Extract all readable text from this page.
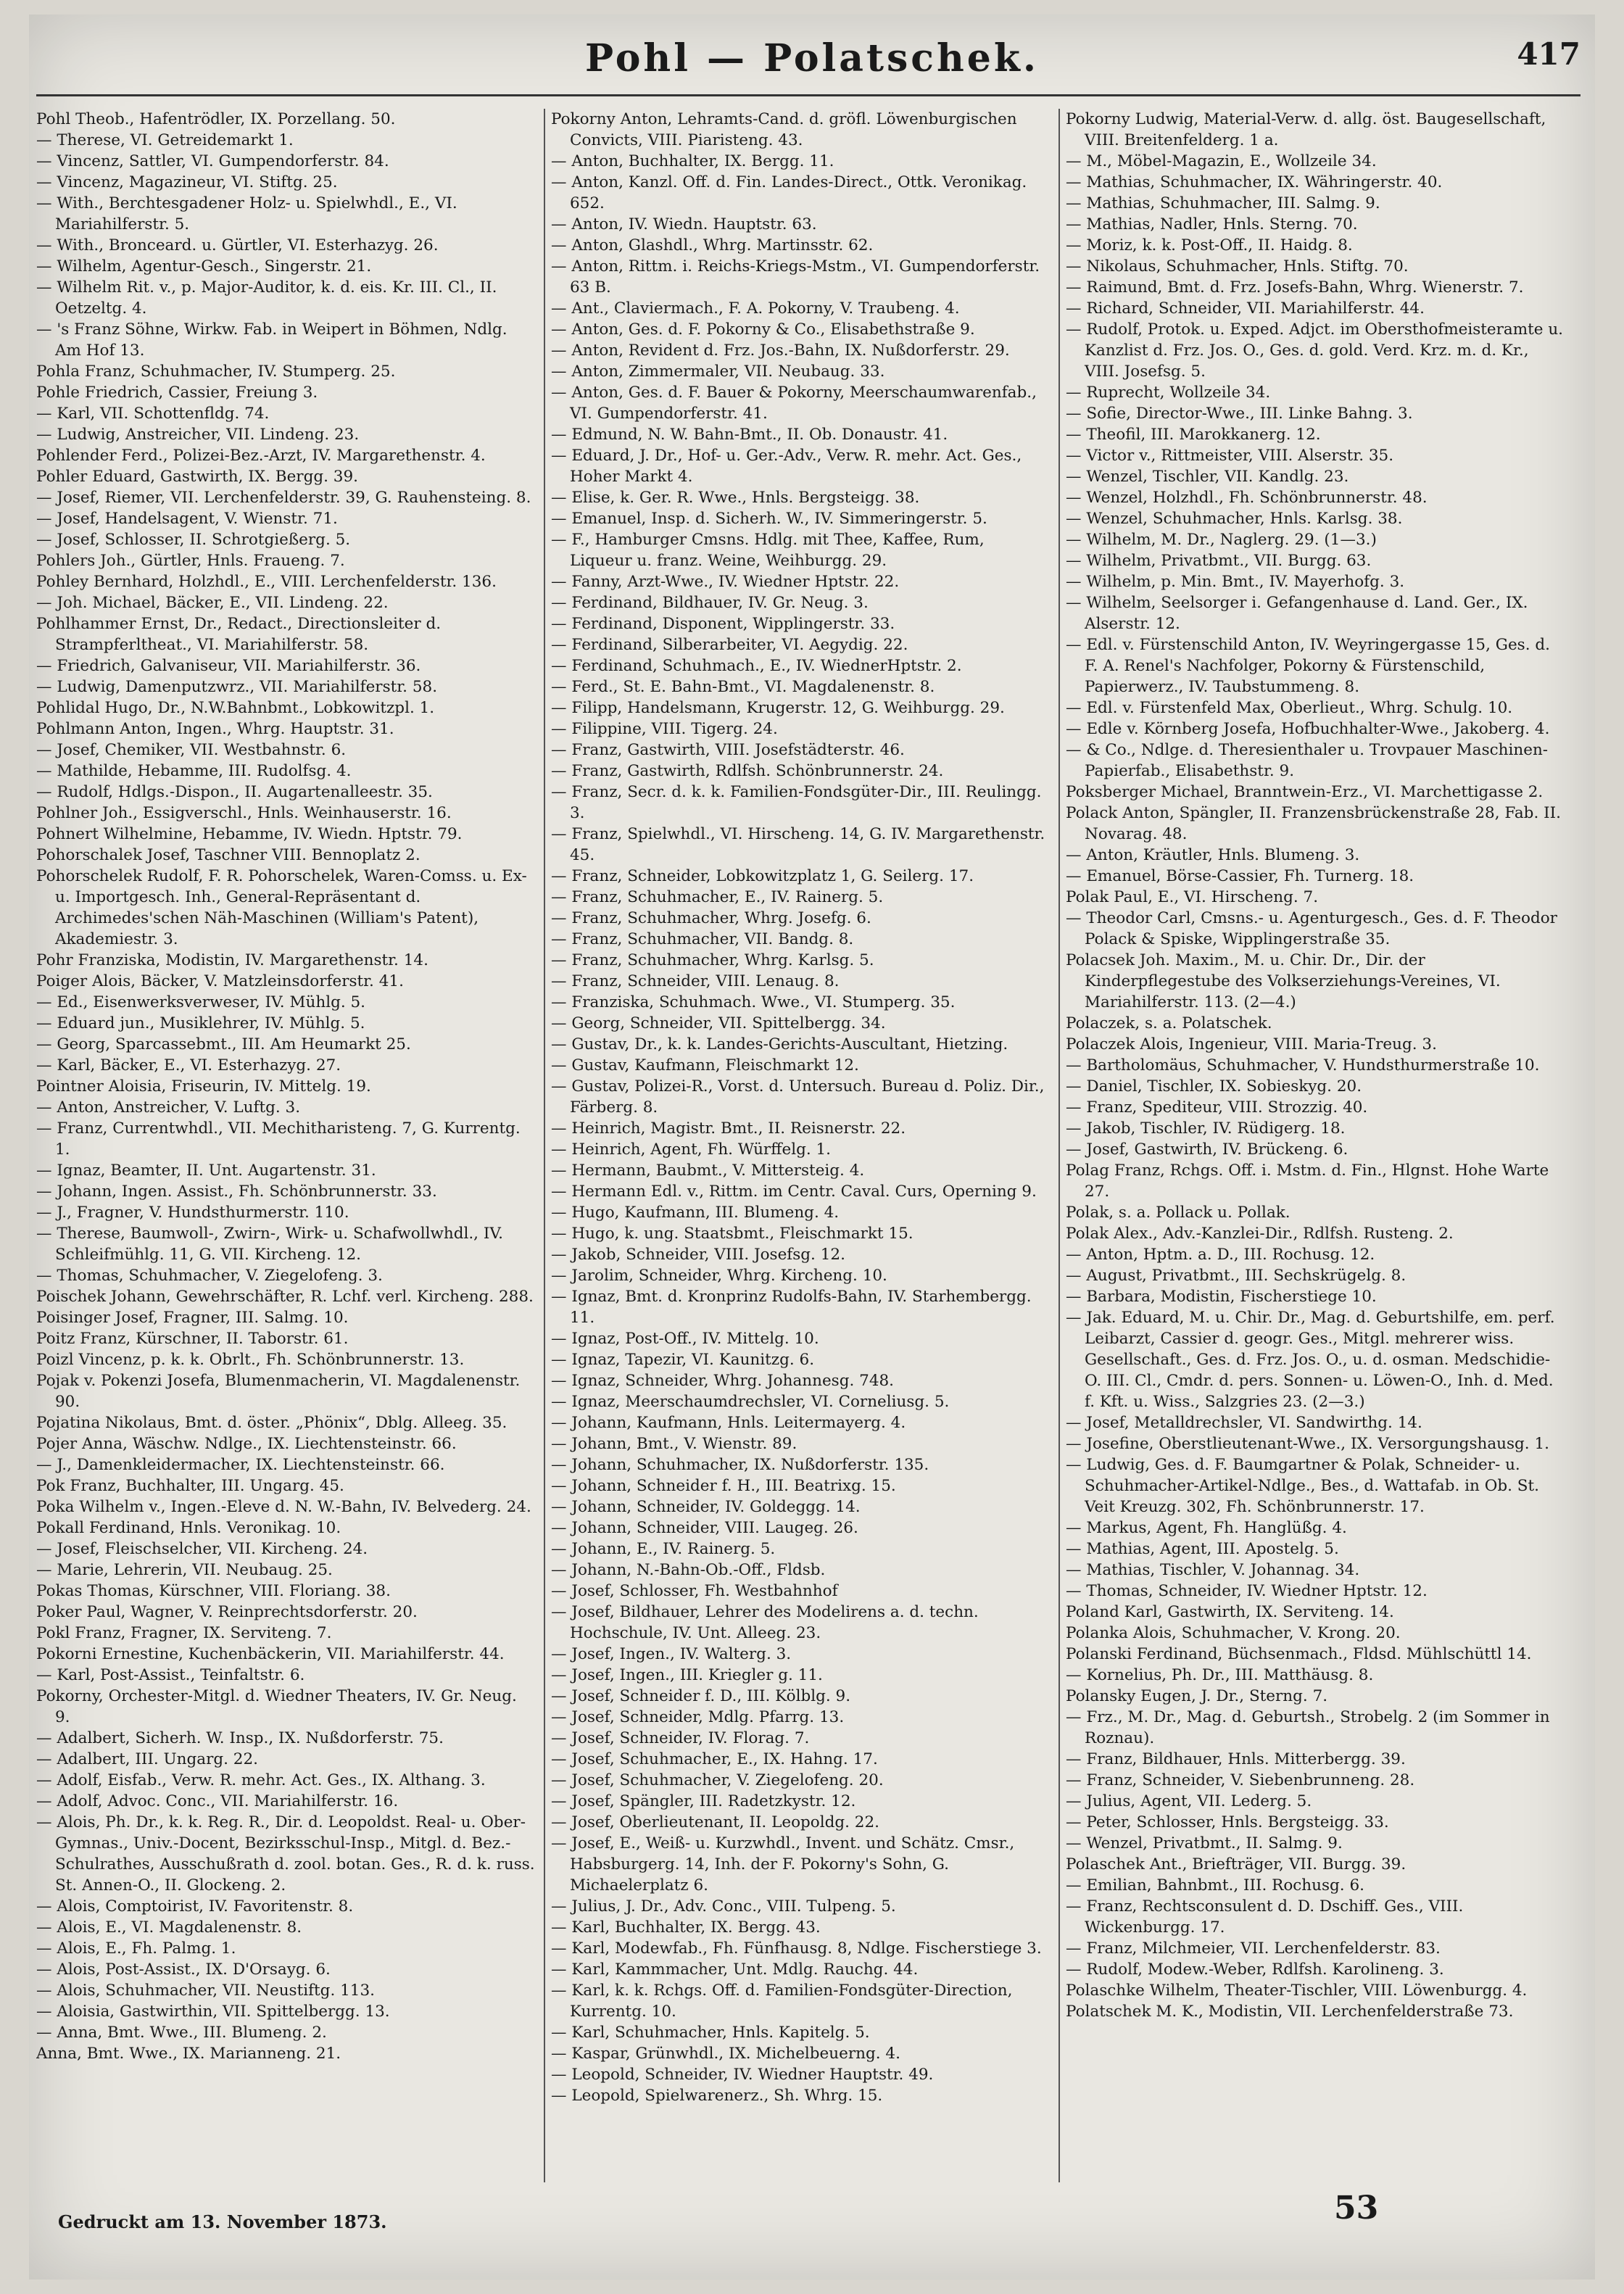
Pohl — Polatschek.	417

Pohl Theob., Hafentrödler, IX. Porzellang. 50.

— Therese, VI. Getreidemarkt 1.

— Vincenz, Sattler, VI. Gumpendorferstr. 84.

— Vincenz, Magazineur, VI. Stiftg. 25.

— With., Berchtesgadener Holz- u. Spielwhdl., E., VI. Mariahilferstr. 5.

— With., Bronceard. u. Gürtler, VI. Esterhazyg. 26.

— Wilhelm, Agentur-Gesch., Singerstr. 21.

— Wilhelm Rit. v., p. Major-Auditor, k. d. eis. Kr. III. Cl., II. Oetzeltg. 4.

— 's Franz Söhne, Wirkw. Fab. in Weipert in Böhmen, Ndlg. Am Hof 13.

Pohla Franz, Schuhmacher, IV. Stumperg. 25.

Pohle Friedrich, Cassier, Freiung 3.

— Karl, VII. Schottenfldg. 74.

— Ludwig, Anstreicher, VII. Lindeng. 23.

Pohlender Ferd., Polizei-Bez.-Arzt, IV. Margarethenstr. 4.

Pohler Eduard, Gastwirth, IX. Bergg. 39.

— Josef, Riemer, VII. Lerchenfelderstr. 39, G. Rauhensteing. 8.

— Josef, Handelsagent, V. Wienstr. 71.

— Josef, Schlosser, II. Schrotgießerg. 5.

Pohlers Joh., Gürtler, Hnls. Fraueng. 7.

Pohley Bernhard, Holzhdl., E., VIII. Lerchenfelderstr. 136.

— Joh. Michael, Bäcker, E., VII. Lindeng. 22.

Pohlhammer Ernst, Dr., Redact., Directionsleiter d. Strampferltheat., VI. Mariahilferstr. 58.

— Friedrich, Galvaniseur, VII. Mariahilferstr. 36.

— Ludwig, Damenputzwrz., VII. Mariahilferstr. 58.

Pohlidal Hugo, Dr., N.W.Bahnbmt., Lobkowitzpl. 1.

Pohlmann Anton, Ingen., Whrg. Hauptstr. 31.

— Josef, Chemiker, VII. Westbahnstr. 6.

— Mathilde, Hebamme, III. Rudolfsg. 4.

— Rudolf, Hdlgs.-Dispon., II. Augartenalleestr. 35.

Pohlner Joh., Essigverschl., Hnls. Weinhauserstr. 16.

Pohnert Wilhelmine, Hebamme, IV. Wiedn. Hptstr. 79.

Pohorschalek Josef, Taschner VIII. Bennoplatz 2.

Pohorschelek Rudolf, F. R. Pohorschelek, Waren-Comss. u. Ex- u. Importgesch. Inh., General-Repräsentant d. Archimedes'schen Näh-Maschinen (William's Patent), Akademiestr. 3.

Pohr Franziska, Modistin, IV. Margarethenstr. 14.

Poiger Alois, Bäcker, V. Matzleinsdorferstr. 41.

— Ed., Eisenwerksverweser, IV. Mühlg. 5.

— Eduard jun., Musiklehrer, IV. Mühlg. 5.

— Georg, Sparcassebmt., III. Am Heumarkt 25.

— Karl, Bäcker, E., VI. Esterhazyg. 27.

Pointner Aloisia, Friseurin, IV. Mittelg. 19.

— Anton, Anstreicher, V. Luftg. 3.

— Franz, Currentwhdl., VII. Mechitharisteng. 7, G. Kurrentg. 1.

— Ignaz, Beamter, II. Unt. Augartenstr. 31.

— Johann, Ingen. Assist., Fh. Schönbrunnerstr. 33.

— J., Fragner, V. Hundsthurmerstr. 110.

— Therese, Baumwoll-, Zwirn-, Wirk- u. Schafwollwhdl., IV. Schleifmühlg. 11, G. VII. Kircheng. 12.

— Thomas, Schuhmacher, V. Ziegelofeng. 3.

Poischek Johann, Gewehrschäfter, R. Lchf. verl. Kircheng. 288.

Poisinger Josef, Fragner, III. Salmg. 10.

Poitz Franz, Kürschner, II. Taborstr. 61.

Poizl Vincenz, p. k. k. Obrlt., Fh. Schönbrunnerstr. 13.

Pojak v. Pokenzi Josefa, Blumenmacherin, VI. Magdalenenstr. 90.

Pojatina Nikolaus, Bmt. d. öster. „Phönix“, Dblg. Alleeg. 35.

Pojer Anna, Wäschw. Ndlge., IX. Liechtensteinstr. 66.

— J., Damenkleidermacher, IX. Liechtensteinstr. 66.

Pok Franz, Buchhalter, III. Ungarg. 45.

Poka Wilhelm v., Ingen.-Eleve d. N. W.-Bahn, IV. Belvederg. 24.

Pokall Ferdinand, Hnls. Veronikag. 10.

— Josef, Fleischselcher, VII. Kircheng. 24.

— Marie, Lehrerin, VII. Neubaug. 25.

Pokas Thomas, Kürschner, VIII. Floriang. 38.

Poker Paul, Wagner, V. Reinprechtsdorferstr. 20.

Pokl Franz, Fragner, IX. Serviteng. 7.

Pokorni Ernestine, Kuchenbäckerin, VII. Mariahilferstr. 44.

— Karl, Post-Assist., Teinfaltstr. 6.

Pokorny, Orchester-Mitgl. d. Wiedner Theaters, IV. Gr. Neug. 9.

— Adalbert, Sicherh. W. Insp., IX. Nußdorferstr. 75.

— Adalbert, III. Ungarg. 22.

— Adolf, Eisfab., Verw. R. mehr. Act. Ges., IX. Althang. 3.

— Adolf, Advoc. Conc., VII. Mariahilferstr. 16.

— Alois, Ph. Dr., k. k. Reg. R., Dir. d. Leopoldst. Real- u. Ober-Gymnas., Univ.-Docent, Bezirksschul-Insp., Mitgl. d. Bez.-Schulrathes, Ausschußrath d. zool. botan. Ges., R. d. k. russ. St. Annen-O., II. Glockeng. 2.

— Alois, Comptoirist, IV. Favoritenstr. 8.

— Alois, E., VI. Magdalenenstr. 8.

— Alois, E., Fh. Palmg. 1.

— Alois, Post-Assist., IX. D'Orsayg. 6.

— Alois, Schuhmacher, VII. Neustiftg. 113.

— Aloisia, Gastwirthin, VII. Spittelbergg. 13.

— Anna, Bmt. Wwe., III. Blumeng. 2.

Anna, Bmt. Wwe., IX. Marianneng. 21.

Pokorny Anton, Lehramts-Cand. d. gröfl. Löwenburgischen Convicts, VIII. Piaristeng. 43.

— Anton, Buchhalter, IX. Bergg. 11.

— Anton, Kanzl. Off. d. Fin. Landes-Direct., Ottk. Veronikag. 652.

— Anton, IV. Wiedn. Hauptstr. 63.

— Anton, Glashdl., Whrg. Martinsstr. 62.

— Anton, Rittm. i. Reichs-Kriegs-Mstm., VI. Gumpendorferstr. 63 B.

— Ant., Claviermach., F. A. Pokorny, V. Traubeng. 4.

— Anton, Ges. d. F. Pokorny & Co., Elisabethstraße 9.

— Anton, Revident d. Frz. Jos.-Bahn, IX. Nußdorferstr. 29.

— Anton, Zimmermaler, VII. Neubaug. 33.

— Anton, Ges. d. F. Bauer & Pokorny, Meerschaumwarenfab., VI. Gumpendorferstr. 41.

— Edmund, N. W. Bahn-Bmt., II. Ob. Donaustr. 41.

— Eduard, J. Dr., Hof- u. Ger.-Adv., Verw. R. mehr. Act. Ges., Hoher Markt 4.

— Elise, k. Ger. R. Wwe., Hnls. Bergsteigg. 38.

— Emanuel, Insp. d. Sicherh. W., IV. Simmeringerstr. 5.

— F., Hamburger Cmsns. Hdlg. mit Thee, Kaffee, Rum, Liqueur u. franz. Weine, Weihburgg. 29.

— Fanny, Arzt-Wwe., IV. Wiedner Hptstr. 22.

— Ferdinand, Bildhauer, IV. Gr. Neug. 3.

— Ferdinand, Disponent, Wipplingerstr. 33.

— Ferdinand, Silberarbeiter, VI. Aegydig. 22.

— Ferdinand, Schuhmach., E., IV. WiednerHptstr. 2.

— Ferd., St. E. Bahn-Bmt., VI. Magdalenenstr. 8.

— Filipp, Handelsmann, Krugerstr. 12, G. Weihburgg. 29.

— Filippine, VIII. Tigerg. 24.

— Franz, Gastwirth, VIII. Josefstädterstr. 46.

— Franz, Gastwirth, Rdlfsh. Schönbrunnerstr. 24.

— Franz, Secr. d. k. k. Familien-Fondsgüter-Dir., III. Reulingg. 3.

— Franz, Spielwhdl., VI. Hirscheng. 14, G. IV. Margarethenstr. 45.

— Franz, Schneider, Lobkowitzplatz 1, G. Seilerg. 17.

— Franz, Schuhmacher, E., IV. Rainerg. 5.

— Franz, Schuhmacher, Whrg. Josefg. 6.

— Franz, Schuhmacher, VII. Bandg. 8.

— Franz, Schuhmacher, Whrg. Karlsg. 5.

— Franz, Schneider, VIII. Lenaug. 8.

— Franziska, Schuhmach. Wwe., VI. Stumperg. 35.

— Georg, Schneider, VII. Spittelbergg. 34.

— Gustav, Dr., k. k. Landes-Gerichts-Auscultant, Hietzing.

— Gustav, Kaufmann, Fleischmarkt 12.

— Gustav, Polizei-R., Vorst. d. Untersuch. Bureau d. Poliz. Dir., Färberg. 8.

— Heinrich, Magistr. Bmt., II. Reisnerstr. 22.

— Heinrich, Agent, Fh. Würffelg. 1.

— Hermann, Baubmt., V. Mittersteig. 4.

— Hermann Edl. v., Rittm. im Centr. Caval. Curs, Operning 9.

— Hugo, Kaufmann, III. Blumeng. 4.

— Hugo, k. ung. Staatsbmt., Fleischmarkt 15.

— Jakob, Schneider, VIII. Josefsg. 12.

— Jarolim, Schneider, Whrg. Kircheng. 10.

— Ignaz, Bmt. d. Kronprinz Rudolfs-Bahn, IV. Starhembergg. 11.

— Ignaz, Post-Off., IV. Mittelg. 10.

— Ignaz, Tapezir, VI. Kaunitzg. 6.

— Ignaz, Schneider, Whrg. Johannesg. 748.

— Ignaz, Meerschaumdrechsler, VI. Corneliusg. 5.

— Johann, Kaufmann, Hnls. Leitermayerg. 4.

— Johann, Bmt., V. Wienstr. 89.

— Johann, Schuhmacher, IX. Nußdorferstr. 135.

— Johann, Schneider f. H., III. Beatrixg. 15.

— Johann, Schneider, IV. Goldeggg. 14.

— Johann, Schneider, VIII. Laugeg. 26.

— Johann, E., IV. Rainerg. 5.

— Johann, N.-Bahn-Ob.-Off., Fldsb.

— Josef, Schlosser, Fh. Westbahnhof

— Josef, Bildhauer, Lehrer des Modelirens a. d. techn. Hochschule, IV. Unt. Alleeg. 23.

— Josef, Ingen., IV. Walterg. 3.

— Josef, Ingen., III. Kriegler g. 11.

— Josef, Schneider f. D., III. Kölblg. 9.

— Josef, Schneider, Mdlg. Pfarrg. 13.

— Josef, Schneider, IV. Florag. 7.

— Josef, Schuhmacher, E., IX. Hahng. 17.

— Josef, Schuhmacher, V. Ziegelofeng. 20.

— Josef, Spängler, III. Radetzkystr. 12.

— Josef, Oberlieutenant, II. Leopoldg. 22.

— Josef, E., Weiß- u. Kurzwhdl., Invent. und Schätz. Cmsr., Habsburgerg. 14, Inh. der F. Pokorny's Sohn, G. Michaelerplatz 6.

— Julius, J. Dr., Adv. Conc., VIII. Tulpeng. 5.

— Karl, Buchhalter, IX. Bergg. 43.

— Karl, Modewfab., Fh. Fünfhausg. 8, Ndlge. Fischerstiege 3.

— Karl, Kammmacher, Unt. Mdlg. Rauchg. 44.

— Karl, k. k. Rchgs. Off. d. Familien-Fondsgüter-Direction, Kurrentg. 10.

— Karl, Schuhmacher, Hnls. Kapitelg. 5.

— Kaspar, Grünwhdl., IX. Michelbeuerng. 4.

— Leopold, Schneider, IV. Wiedner Hauptstr. 49.

— Leopold, Spielwarenerz., Sh. Whrg. 15.

Pokorny Ludwig, Material-Verw. d. allg. öst. Baugesellschaft, VIII. Breitenfelderg. 1 a.

— M., Möbel-Magazin, E., Wollzeile 34.

— Mathias, Schuhmacher, IX. Währingerstr. 40.

— Mathias, Schuhmacher, III. Salmg. 9.

— Mathias, Nadler, Hnls. Sterng. 70.

— Moriz, k. k. Post-Off., II. Haidg. 8.

— Nikolaus, Schuhmacher, Hnls. Stiftg. 70.

— Raimund, Bmt. d. Frz. Josefs-Bahn, Whrg. Wienerstr. 7.

— Richard, Schneider, VII. Mariahilferstr. 44.

— Rudolf, Protok. u. Exped. Adjct. im Obersthofmeisteramte u. Kanzlist d. Frz. Jos. O., Ges. d. gold. Verd. Krz. m. d. Kr., VIII. Josefsg. 5.

— Ruprecht, Wollzeile 34.

— Sofie, Director-Wwe., III. Linke Bahng. 3.

— Theofil, III. Marokkanerg. 12.

— Victor v., Rittmeister, VIII. Alserstr. 35.

— Wenzel, Tischler, VII. Kandlg. 23.

— Wenzel, Holzhdl., Fh. Schönbrunnerstr. 48.

— Wenzel, Schuhmacher, Hnls. Karlsg. 38.

— Wilhelm, M. Dr., Naglerg. 29. (1—3.)

— Wilhelm, Privatbmt., VII. Burgg. 63.

— Wilhelm, p. Min. Bmt., IV. Mayerhofg. 3.

— Wilhelm, Seelsorger i. Gefangenhause d. Land. Ger., IX. Alserstr. 12.

— Edl. v. Fürstenschild Anton, IV. Weyringergasse 15, Ges. d. F. A. Renel's Nachfolger, Pokorny & Fürstenschild, Papierwerz., IV. Taubstummeng. 8.

— Edl. v. Fürstenfeld Max, Oberlieut., Whrg. Schulg. 10.

— Edle v. Körnberg Josefa, Hofbuchhalter-Wwe., Jakoberg. 4.

— & Co., Ndlge. d. Theresienthaler u. Trovpauer Maschinen-Papierfab., Elisabethstr. 9.

Poksberger Michael, Branntwein-Erz., VI. Marchettigasse 2.

Polack Anton, Spängler, II. Franzensbrückenstraße 28, Fab. II. Novarag. 48.

— Anton, Kräutler, Hnls. Blumeng. 3.

— Emanuel, Börse-Cassier, Fh. Turnerg. 18.

Polak Paul, E., VI. Hirscheng. 7.

— Theodor Carl, Cmsns.- u. Agenturgesch., Ges. d. F. Theodor Polack & Spiske, Wipplingerstraße 35.

Polacsek Joh. Maxim., M. u. Chir. Dr., Dir. der Kinderpflegestube des Volkserziehungs-Vereines, VI. Mariahilferstr. 113. (2—4.)

Polaczek, s. a. Polatschek.

Polaczek Alois, Ingenieur, VIII. Maria-Treug. 3.

— Bartholomäus, Schuhmacher, V. Hundsthurmerstraße 10.

— Daniel, Tischler, IX. Sobieskyg. 20.

— Franz, Spediteur, VIII. Strozzig. 40.

— Jakob, Tischler, IV. Rüdigerg. 18.

— Josef, Gastwirth, IV. Brückeng. 6.

Polag Franz, Rchgs. Off. i. Mstm. d. Fin., Hlgnst. Hohe Warte 27.

Polak, s. a. Pollack u. Pollak.

Polak Alex., Adv.-Kanzlei-Dir., Rdlfsh. Rusteng. 2.

— Anton, Hptm. a. D., III. Rochusg. 12.

— August, Privatbmt., III. Sechskrügelg. 8.

— Barbara, Modistin, Fischerstiege 10.

— Jak. Eduard, M. u. Chir. Dr., Mag. d. Geburtshilfe, em. perf. Leibarzt, Cassier d. geogr. Ges., Mitgl. mehrerer wiss. Gesellschaft., Ges. d. Frz. Jos. O., u. d. osman. Medschidie-O. III. Cl., Cmdr. d. pers. Sonnen- u. Löwen-O., Inh. d. Med. f. Kft. u. Wiss., Salzgries 23. (2—3.)

— Josef, Metalldrechsler, VI. Sandwirthg. 14.

— Josefine, Oberstlieutenant-Wwe., IX. Versorgungshausg. 1.

— Ludwig, Ges. d. F. Baumgartner & Polak, Schneider- u. Schuhmacher-Artikel-Ndlge., Bes., d. Wattafab. in Ob. St. Veit Kreuzg. 302, Fh. Schönbrunnerstr. 17.

— Markus, Agent, Fh. Hanglüßg. 4.

— Mathias, Agent, III. Apostelg. 5.

— Mathias, Tischler, V. Johannag. 34.

— Thomas, Schneider, IV. Wiedner Hptstr. 12.

Poland Karl, Gastwirth, IX. Serviteng. 14.

Polanka Alois, Schuhmacher, V. Krong. 20.

Polanski Ferdinand, Büchsenmach., Fldsd. Mühlschüttl 14.

— Kornelius, Ph. Dr., III. Matthäusg. 8.

Polansky Eugen, J. Dr., Sterng. 7.

— Frz., M. Dr., Mag. d. Geburtsh., Strobelg. 2 (im Sommer in Roznau).

— Franz, Bildhauer, Hnls. Mitterbergg. 39.

— Franz, Schneider, V. Siebenbrunneng. 28.

— Julius, Agent, VII. Lederg. 5.

— Peter, Schlosser, Hnls. Bergsteigg. 33.

— Wenzel, Privatbmt., II. Salmg. 9.

Polaschek Ant., Briefträger, VII. Burgg. 39.

— Emilian, Bahnbmt., III. Rochusg. 6.

— Franz, Rechtsconsulent d. D. Dschiff. Ges., VIII. Wickenburgg. 17.

— Franz, Milchmeier, VII. Lerchenfelderstr. 83.

— Rudolf, Modew.-Weber, Rdlfsh. Karolineng. 3.

Polaschke Wilhelm, Theater-Tischler, VIII. Löwenburgg. 4.

Polatschek M. K., Modistin, VII. Lerchenfelderstraße 73.

Gedruckt am 13. November 1873.	53
